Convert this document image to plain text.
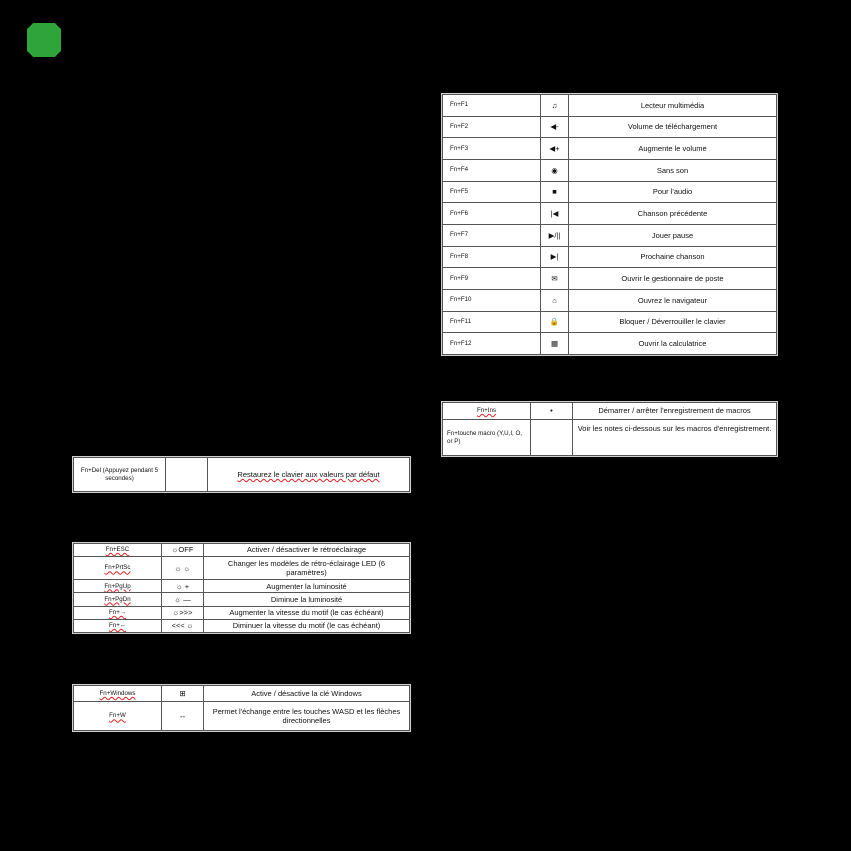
Fn+F1	♫	Lecteur multimédia
Fn+F2	◀-	Volume de téléchargement
Fn+F3	◀+	Augmente le volume
Fn+F4	◉	Sans son
Fn+F5	■	Pour l'audio
Fn+F6	|◀	Chanson précédente
Fn+F7	▶/||	Jouer pause
Fn+F8	▶|	Prochaine chanson
Fn+F9	✉	Ouvrir le gestionnaire de poste
Fn+F10	⌂	Ouvrez le navigateur
Fn+F11	🔒	Bloquer / Déverrouiller le clavier
Fn+F12	▦	Ouvrir la calculatrice
Fn+Ins	•	Démarrer / arrêter l'enregistrement de macros
Fn+touche macro (Y,U,I, O, or P)		Voir les notes ci-dessous sur les macros d'enregistrement.
Fn+Del (Appuyez pendant 5 secondes)		Restaurez le clavier aux valeurs par défaut
Fn+ESC	☼OFF	Activer / désactiver le rétroéclairage
Fn+PrtSc	☼ ☼	Changer les modèles de rétro-éclairage LED (6 paramètres)
Fn+PgUp	☼ +	Augmenter la luminosité
Fn+PgDn	☼ —	Diminue la luminosité
Fn+→	☼>>>	Augmenter la vitesse du motif (le cas échéant)
Fn+←	<<< ☼	Diminuer la vitesse du motif (le cas échéant)
Fn+Windows	⊞	Active / désactive la clé Windows
Fn+W	↔	Permet l'échange entre les touches WASD et les flèches directionnelles
